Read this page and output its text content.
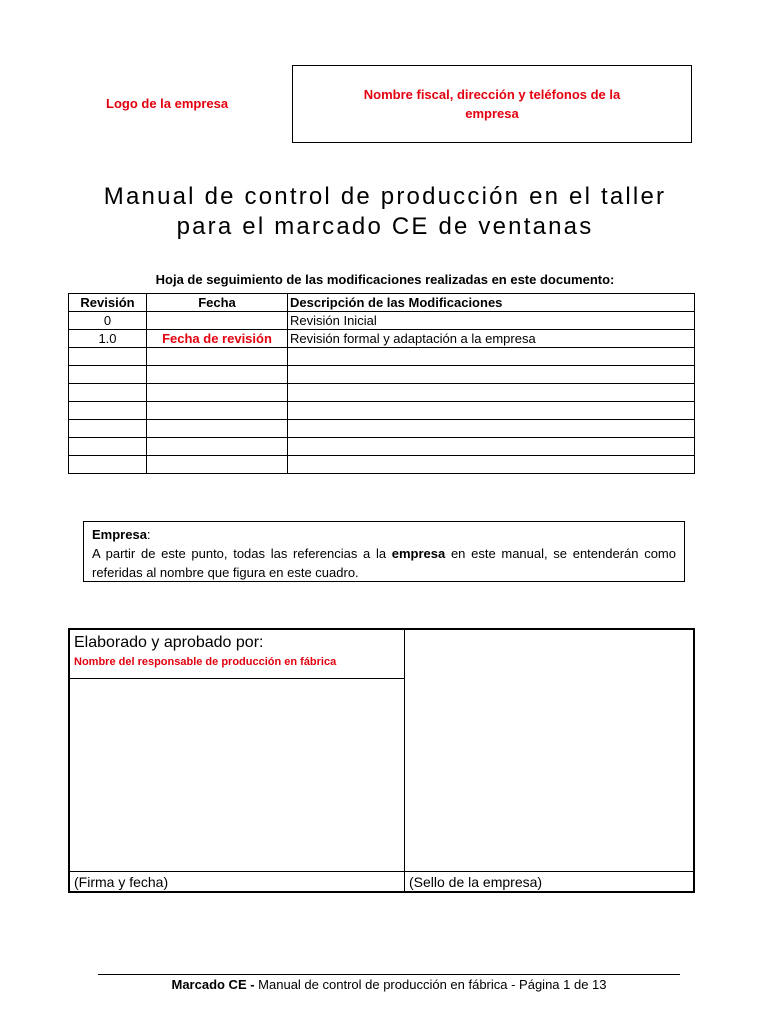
Logo de la empresa
Nombre fiscal, dirección y teléfonos de la empresa
Manual de control de producción en el taller
para el marcado CE de ventanas
Hoja de seguimiento de las modificaciones realizadas en este documento:
Revisión	Fecha	Descripción de las Modificaciones
0		Revisión Inicial
1.0	Fecha de revisión	Revisión formal y adaptación a la empresa

Empresa:

A partir de este punto, todas las referencias a la empresa en este manual, se entenderán como referidas al nombre que figura en este cuadro.

Elaborado y aprobado por:
Nombre del responsable de producción en fábrica
(Firma y fecha)	(Sello de la empresa)
Marcado CE - Manual de control de producción en fábrica - Página 1 de 13
